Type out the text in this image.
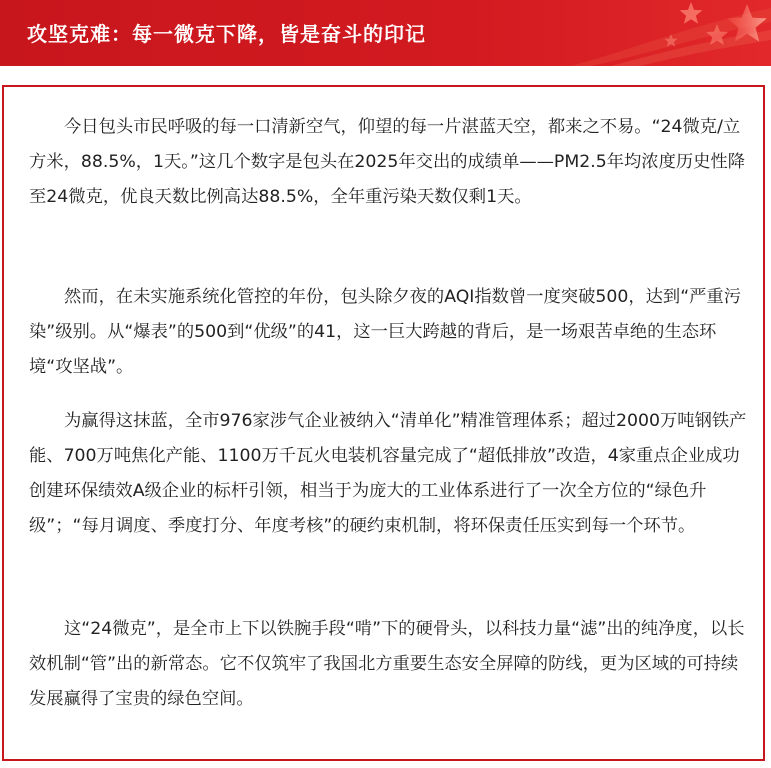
攻坚克难：每一微克下降，皆是奋斗的印记

今日包头市民呼吸的每一口清新空气，仰望的每一片湛蓝天空，都来之不易。“24微克/立方米，88.5%，1天。”这几个数字是包头在2025年交出的成绩单——PM2.5年均浓度历史性降至24微克，优良天数比例高达88.5%，全年重污染天数仅剩1天。

然而，在未实施系统化管控的年份，包头除夕夜的AQI指数曾一度突破500，达到“严重污染”级别。从“爆表”的500到“优级”的41，这一巨大跨越的背后，是一场艰苦卓绝的生态环境“攻坚战”。

为赢得这抹蓝，全市976家涉气企业被纳入“清单化”精准管理体系；超过2000万吨钢铁产能、700万吨焦化产能、1100万千瓦火电装机容量完成了“超低排放”改造，4家重点企业成功创建环保绩效A级企业的标杆引领，相当于为庞大的工业体系进行了一次全方位的“绿色升级”；“每月调度、季度打分、年度考核”的硬约束机制，将环保责任压实到每一个环节。

这“24微克”，是全市上下以铁腕手段“啃”下的硬骨头，以科技力量“滤”出的纯净度，以长效机制“管”出的新常态。它不仅筑牢了我国北方重要生态安全屏障的防线，更为区域的可持续发展赢得了宝贵的绿色空间。
